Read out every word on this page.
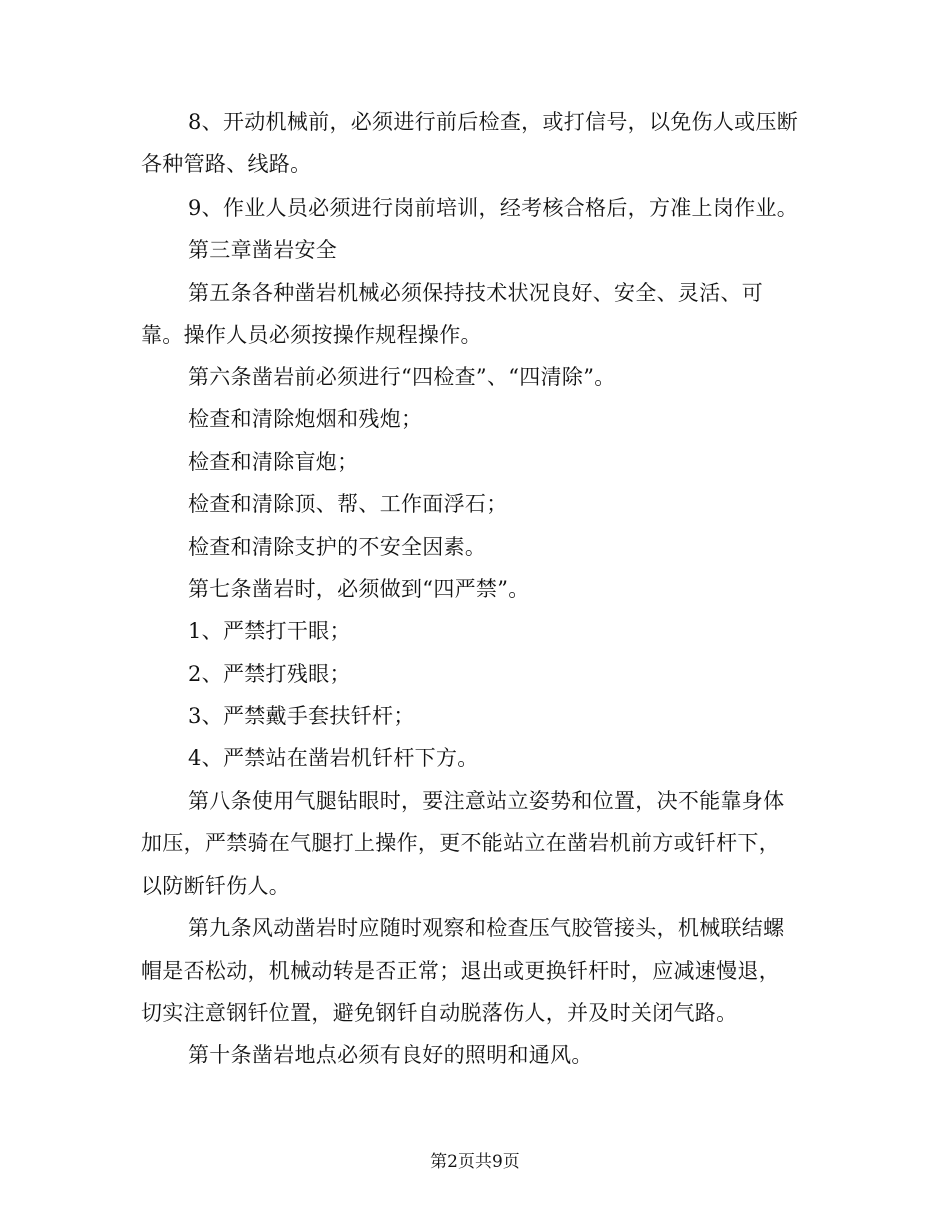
8、开动机械前，必须进行前后检查，或打信号，以免伤人或压断
各种管路、线路。
9、作业人员必须进行岗前培训，经考核合格后，方准上岗作业。
第三章凿岩安全
第五条各种凿岩机械必须保持技术状况良好、安全、灵活、可
靠。操作人员必须按操作规程操作。
第六条凿岩前必须进行“四检查”、“四清除”。
检查和清除炮烟和残炮；
检查和清除盲炮；
检查和清除顶、帮、工作面浮石；
检查和清除支护的不安全因素。
第七条凿岩时，必须做到“四严禁”。
1、严禁打干眼；
2、严禁打残眼；
3、严禁戴手套扶钎杆；
4、严禁站在凿岩机钎杆下方。
第八条使用气腿钻眼时，要注意站立姿势和位置，决不能靠身体
加压，严禁骑在气腿打上操作，更不能站立在凿岩机前方或钎杆下，
以防断钎伤人。
第九条风动凿岩时应随时观察和检查压气胶管接头，机械联结螺
帽是否松动，机械动转是否正常；退出或更换钎杆时，应减速慢退，
切实注意钢钎位置，避免钢钎自动脱落伤人，并及时关闭气路。
第十条凿岩地点必须有良好的照明和通风。
第2页共9页
